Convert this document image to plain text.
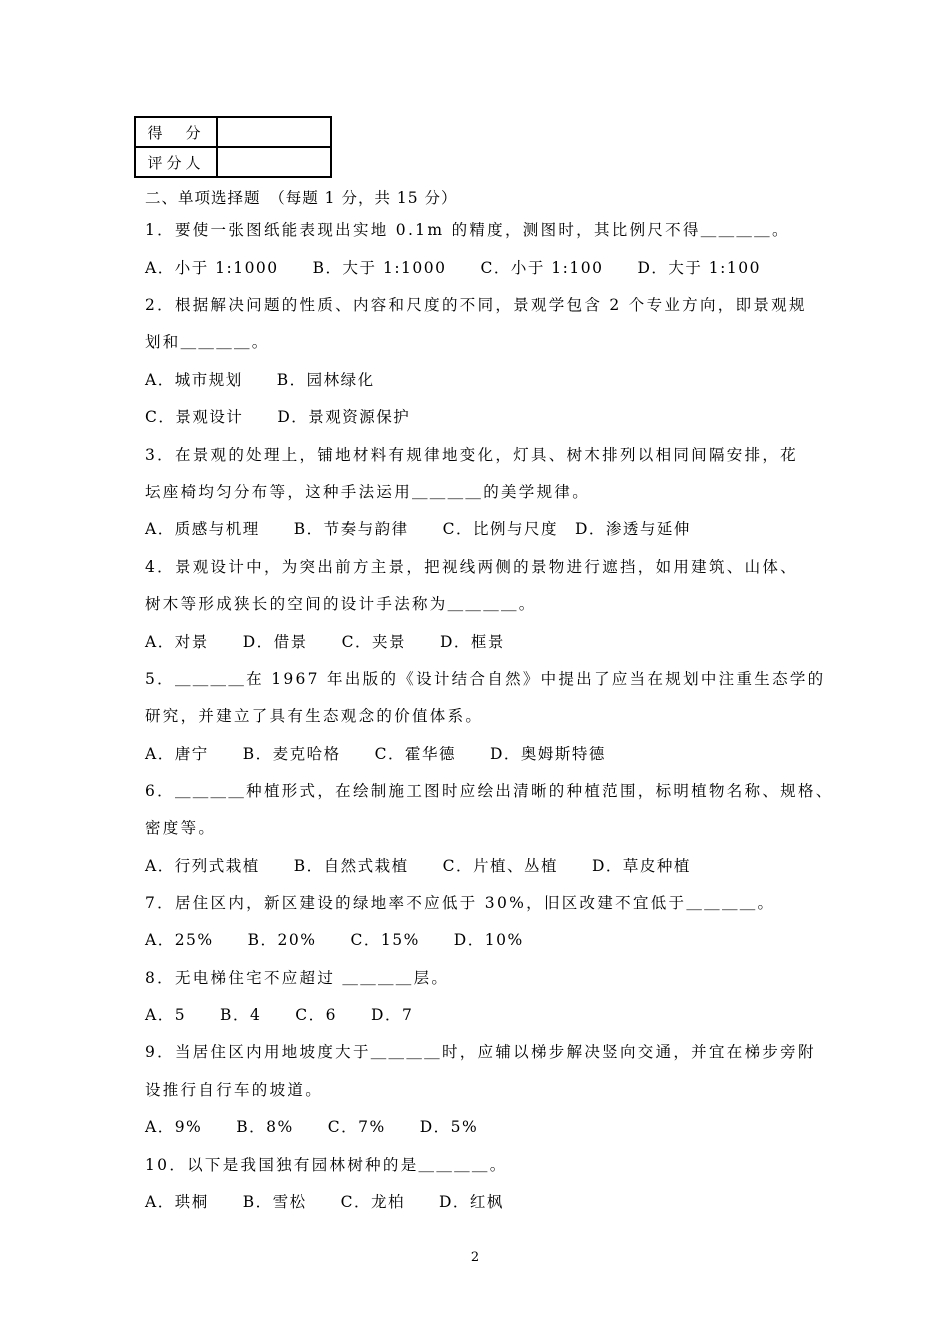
得　分	
评分人	
二、单项选择题　（每题 1 分，共 15 分）
1．要使一张图纸能表现出实地 0.1m 的精度，测图时，其比例尺不得＿＿＿＿。
A．小于 1:1000　　B．大于 1:1000　　C．小于 1:100　　D．大于 1:100
2．根据解决问题的性质、内容和尺度的不同，景观学包含 2 个专业方向，即景观规
划和＿＿＿＿。
A．城市规划　　B．园林绿化
C．景观设计　　D．景观资源保护
3．在景观的处理上，铺地材料有规律地变化，灯具、树木排列以相同间隔安排，花
坛座椅均匀分布等，这种手法运用＿＿＿＿的美学规律。
A．质感与机理　　B．节奏与韵律　　C．比例与尺度　D．渗透与延伸
4．景观设计中，为突出前方主景，把视线两侧的景物进行遮挡，如用建筑、山体、
树木等形成狭长的空间的设计手法称为＿＿＿＿。
A．对景　　D．借景　　C．夹景　　D．框景
5．＿＿＿＿在 1967 年出版的《设计结合自然》中提出了应当在规划中注重生态学的
研究，并建立了具有生态观念的价值体系。
A．唐宁　　B．麦克哈格　　C．霍华德　　D．奥姆斯特德
6．＿＿＿＿种植形式，在绘制施工图时应绘出清晰的种植范围，标明植物名称、规格、
密度等。
A．行列式栽植　　B．自然式栽植　　C．片植、丛植　　D．草皮种植
7．居住区内，新区建设的绿地率不应低于 30%，旧区改建不宜低于＿＿＿＿。
A．25%　　B．20%　　C．15%　　D．10%
8．无电梯住宅不应超过 ＿＿＿＿层。
A．5　　B．4　　C．6　　D．7
9．当居住区内用地坡度大于＿＿＿＿时，应辅以梯步解决竖向交通，并宜在梯步旁附
设推行自行车的坡道。
A．9%　　B．8%　　C．7%　　D．5%
10．以下是我国独有园林树种的是＿＿＿＿。
A．珙桐　　B．雪松　　C．龙柏　　D．红枫
2
